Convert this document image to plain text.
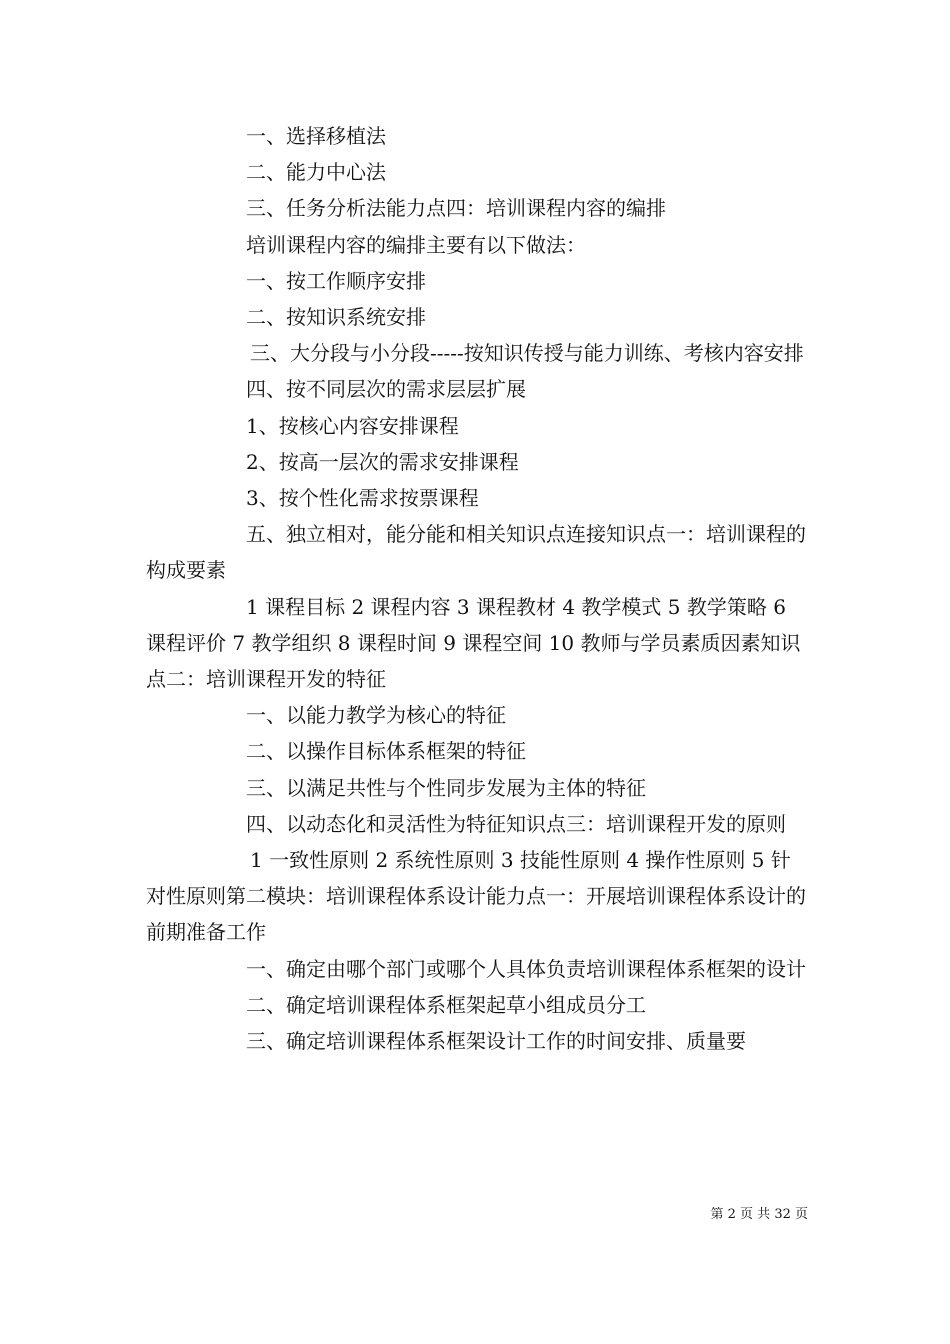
一、选择移植法

二、能力中心法

三、任务分析法能力点四：培训课程内容的编排

培训课程内容的编排主要有以下做法：

一、按工作顺序安排

二、按知识系统安排

三、大分段与小分段-----按知识传授与能力训练、考核内容安排

四、按不同层次的需求层层扩展

1、按核心内容安排课程

2、按高一层次的需求安排课程

3、按个性化需求按票课程

五、独立相对，能分能和相关知识点连接知识点一：培训课程的构成要素

1 课程目标 2 课程内容 3 课程教材 4 教学模式 5 教学策略 6 课程评价 7 教学组织 8 课程时间 9 课程空间 10 教师与学员素质因素知识点二：培训课程开发的特征

一、以能力教学为核心的特征

二、以操作目标体系框架的特征

三、以满足共性与个性同步发展为主体的特征

四、以动态化和灵活性为特征知识点三：培训课程开发的原则

1 一致性原则 2 系统性原则 3 技能性原则 4 操作性原则 5 针对性原则第二模块：培训课程体系设计能力点一：开展培训课程体系设计的前期准备工作

一、确定由哪个部门或哪个人具体负责培训课程体系框架的设计

二、确定培训课程体系框架起草小组成员分工

三、确定培训课程体系框架设计工作的时间安排、质量要

第 2 页 共 32 页
